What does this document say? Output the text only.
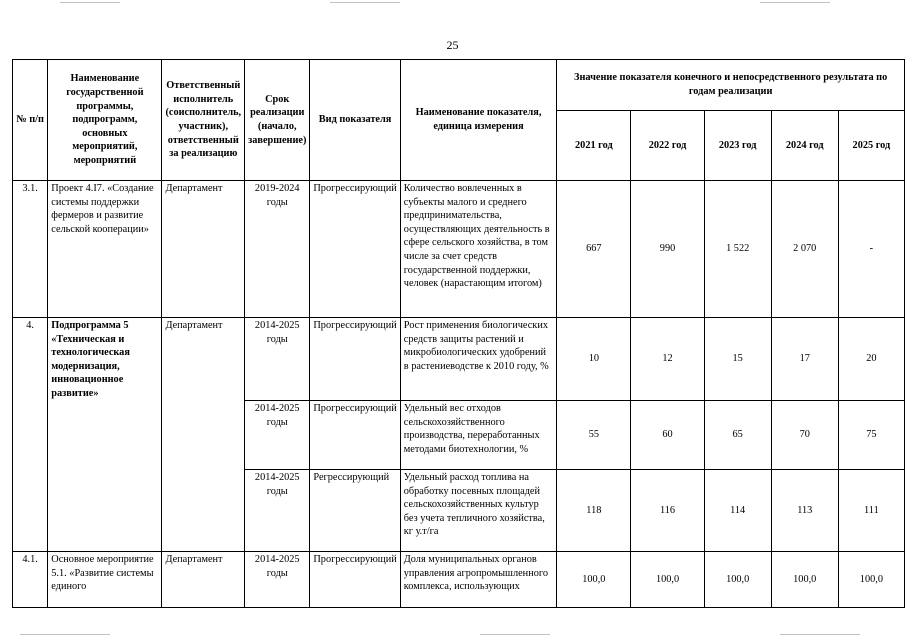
25
№ п/п	Наименование государственной программы, подпрограмм, основных мероприятий, мероприятий	Ответственный исполнитель (соисполнитель, участник), ответственный за реализацию	Срок реализации (начало, завершение)	Вид показателя	Наименование показателя, единица измерения	Значение показателя конечного и непосредственного результата по годам реализации				
						2021 год	2022 год	2023 год	2024 год	2025 год
3.1.	Проект 4.I7. «Создание системы поддержки фермеров и развитие сельской кооперации»	Департамент	2019-2024 годы	Прогрессирующий	Количество вовлеченных в субъекты малого и среднего предпринимательства, осуществляющих деятельность в сфере сельского хозяйства, в том числе за счет средств государственной поддержки, человек (нарастающим итогом)	667	990	1 522	2 070	-
4.	Подпрограмма 5 «Техническая и технологическая модернизация, инновационное развитие»	Департамент	2014-2025 годы	Прогрессирующий	Рост применения биологических средств защиты растений и микробиологических удобрений в растениеводстве к 2010 году, %	10	12	15	17	20
			2014-2025 годы	Прогрессирующий	Удельный вес отходов сельскохозяйственного производства, переработанных методами биотехнологии, %	55	60	65	70	75
			2014-2025 годы	Регрессирующий	Удельный расход топлива на обработку посевных площадей сельскохозяйственных культур без учета тепличного хозяйства, кг у.т/га	118	116	114	113	111
4.1.	Основное мероприятие 5.1. «Развитие системы единого	Департамент	2014-2025 годы	Прогрессирующий	Доля муниципальных органов управления агропромышленного комплекса, использующих	100,0	100,0	100,0	100,0	100,0
